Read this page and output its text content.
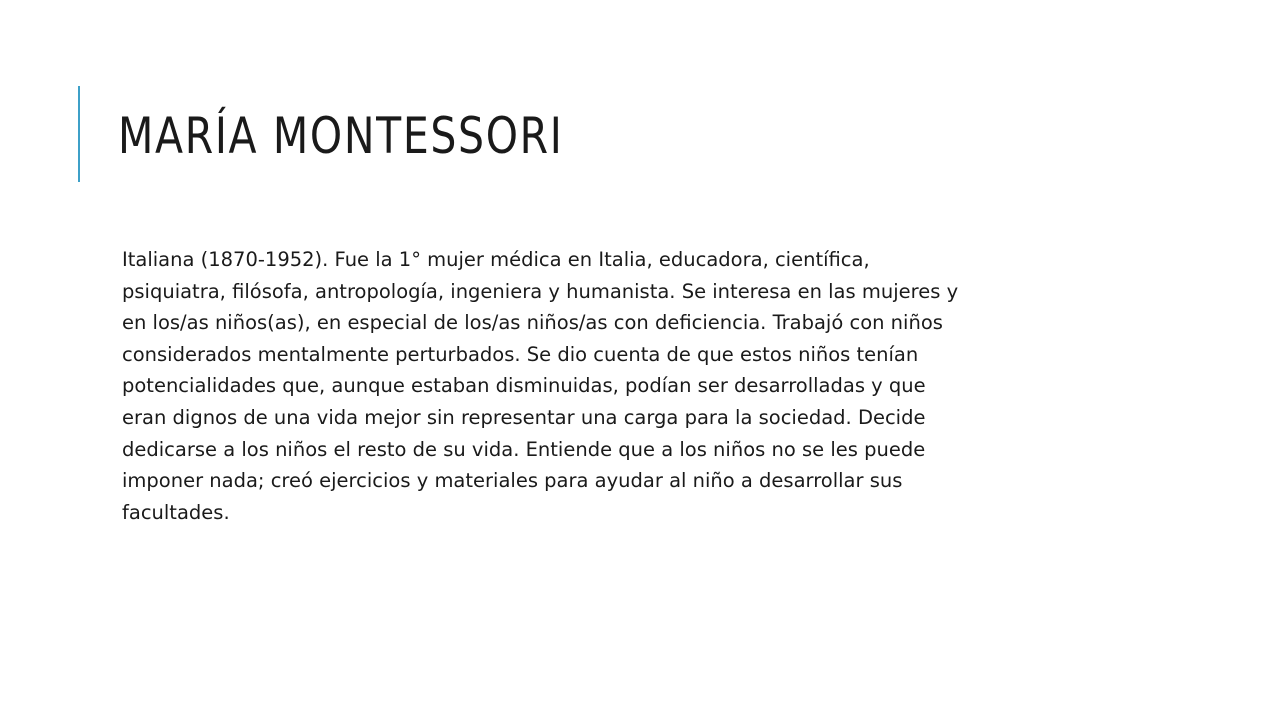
MARÍA MONTESSORI

Italiana (1870-1952). Fue la 1° mujer médica en Italia, educadora, científica,
psiquiatra, filósofa, antropología, ingeniera y humanista. Se interesa en las mujeres y
en los/as niños(as), en especial de los/as niños/as con deficiencia. Trabajó con niños
considerados mentalmente perturbados. Se dio cuenta de que estos niños tenían
potencialidades que, aunque estaban disminuidas, podían ser desarrolladas y que
eran dignos de una vida mejor sin representar una carga para la sociedad. Decide
dedicarse a los niños el resto de su vida. Entiende que a los niños no se les puede
imponer nada; creó ejercicios y materiales para ayudar al niño a desarrollar sus
facultades.
